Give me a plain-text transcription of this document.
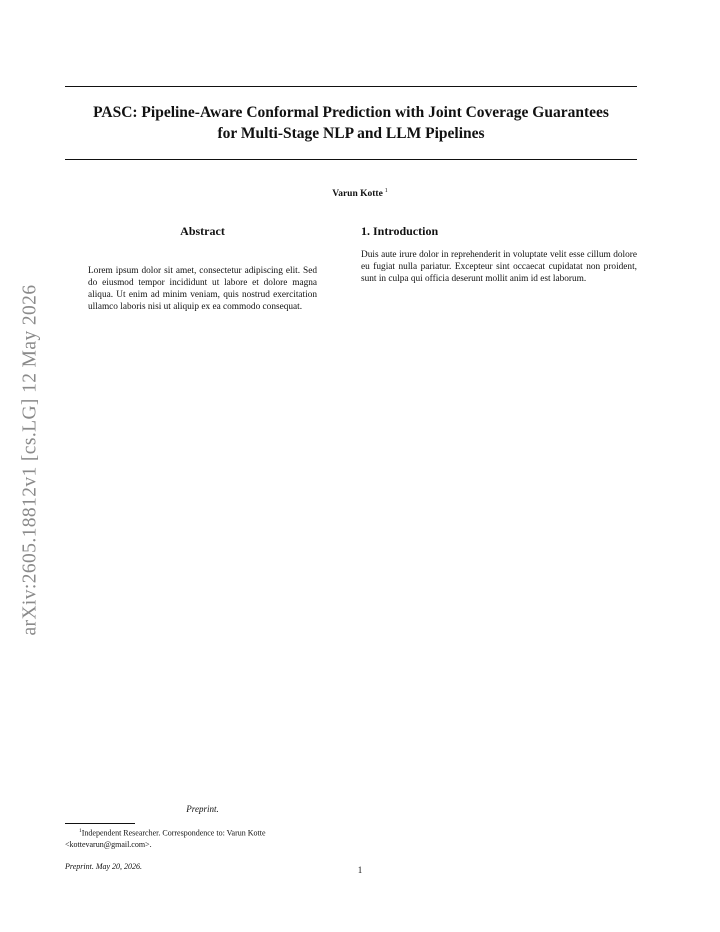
PASC: Pipeline-Aware Conformal Prediction with Joint Coverage Guarantees
for Multi-Stage NLP and LLM Pipelines
Varun Kotte $^1$
arXiv:2605.18812v1 [cs.LG] 12 May 2026
Abstract

Lorem ipsum dolor sit amet, consectetur adipiscing elit. Sed do eiusmod tempor incididunt ut labore et dolore magna aliqua. Ut enim ad minim veniam, quis nostrud exercitation ullamco laboris nisi ut aliquip ex ea commodo consequat.

Preprint.

$^1$Independent Researcher. Correspondence to: Varun Kotte <kottevarun@gmail.com>.

Preprint. May 20, 2026.
1. Introduction

Duis aute irure dolor in reprehenderit in voluptate velit esse cillum dolore eu fugiat nulla pariatur. Excepteur sint occaecat cupidatat non proident, sunt in culpa qui officia deserunt mollit anim id est laborum.

1
